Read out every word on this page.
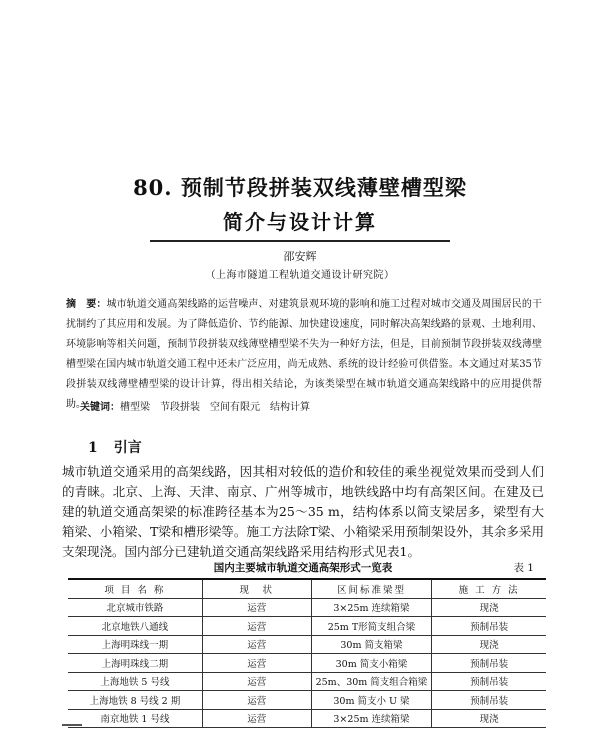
80. 预制节段拼装双线薄壁槽型梁
简介与设计计算
邵安辉
（上海市隧道工程轨道交通设计研究院）
摘　要：城市轨道交通高架线路的运营噪声、对建筑景观环境的影响和施工过程对城市交通及周围居民的干扰制约了其应用和发展。为了降低造价、节约能源、加快建设速度，同时解决高架线路的景观、土地利用、环境影响等相关问题，预制节段拼装双线薄壁槽型梁不失为一种好方法，但是，目前预制节段拼装双线薄壁槽型梁在国内城市轨道交通工程中还未广泛应用，尚无成熟、系统的设计经验可供借鉴。本文通过对某35节段拼装双线薄壁槽型梁的设计计算，得出相关结论，为该类梁型在城市轨道交通高架线路中的应用提供帮助。
关键词：槽型梁　节段拼装　空间有限元　结构计算
1 引言
城市轨道交通采用的高架线路，因其相对较低的造价和较佳的乘坐视觉效果而受到人们的青睐。北京、上海、天津、南京、广州等城市，地铁线路中均有高架区间。在建及已建的轨道交通高架梁的标准跨径基本为25～35 m，结构体系以简支梁居多，梁型有大箱梁、小箱梁、T梁和槽形梁等。施工方法除T梁、小箱梁采用预制架设外，其余多采用支架现浇。国内部分已建轨道交通高架线路采用结构形式见表1。
国内主要城市轨道交通高架形式一览表	表 1
项 目 名 称	现　状	区间标准梁型	施 工 方 法
北京城市铁路	运营	3×25m 连续箱梁	现浇
北京地铁八通线	运营	25m T形简支组合梁	预制吊装
上海明珠线一期	运营	30m 简支箱梁	现浇
上海明珠线二期	运营	30m 简支小箱梁	预制吊装
上海地铁 5 号线	运营	25m、30m 简支组合箱梁	预制吊装
上海地铁 8 号线 2 期	运营	30m 简支小 U 梁	预制吊装
南京地铁 1 号线	运营	3×25m 连续箱梁	现浇
